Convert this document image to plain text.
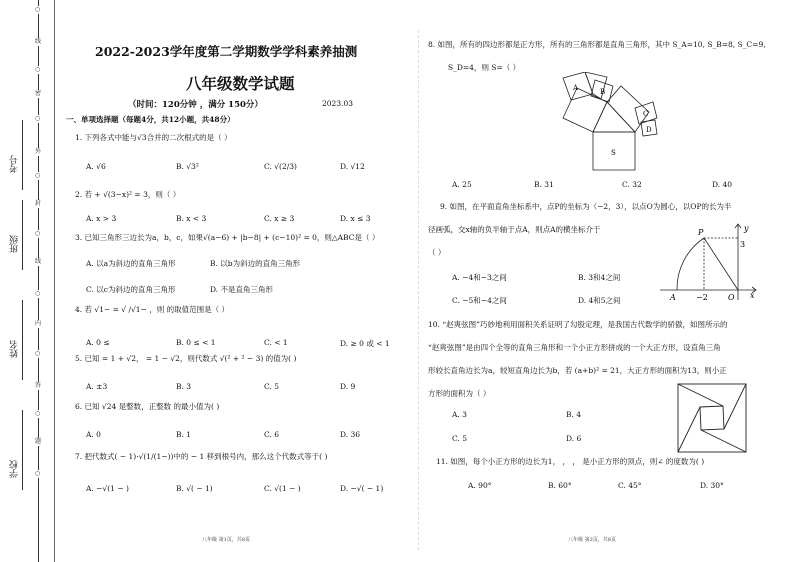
○
线
○
密
○
外
○
封
○
线
○
内
○
答
○
题
○
考号
班级
姓名
学校
2022-2023学年度第二学期数学学科素养抽测
八年级数学试题
（时间：120分钟 ，满分 150分）	2023.03
一、单项选择题（每题4分，共12小题，共48分）
1. 下列各式中能与√3合并的二次根式的是（ ）
A. √6	B. √3²	C. √(2/3)	D. √12
2. 若 + √(3−x)² = 3，则（ ）
A. x > 3	B. x < 3	C. x ≥ 3	D. x ≤ 3
3. 已知三角形三边长为a，b，c，如果√(a−6) + |b−8| + (c−10)² = 0，则△ABC是（ ）
A. 以a为斜边的直角三角形	B. 以b为斜边的直角三角形
C. 以c为斜边的直角三角形	D. 不是直角三角形
4. 若 √1− = √ /√1− ，则 的取值范围是（ ）
A. 0 ≤	B. 0 ≤ < 1	C. < 1	D. ≥ 0 或 < 1
5. 已知 = 1 + √2， = 1 − √2，则代数式 √(² + ² − 3) 的值为( )
A. ±3	B. 3	C. 5	D. 9
6. 已知 √24 是整数，正整数 的最小值为( )
A. 0	B. 1	C. 6	D. 36
7. 把代数式( − 1)·√(1/(1−))中的 − 1 移到根号内，那么这个代数式等于( )
A. −√(1 − )	B. √( − 1)	C. √(1 − )	D. −√( − 1)
8. 如图，所有的四边形都是正方形，所有的三角形都是直角三角形，其中 S_A=10, S_B=8, S_C=9,
S_D=4，则 S=（ ）
A	B
C
D
S
A. 25	B. 31	C. 32	D. 40
9. 如图，在平面直角坐标系中，点P的坐标为（−2，3），以点O为圆心，以OP的长为半
径画弧，交x轴的负半轴于点A，则点A的横坐标介于
（ ）
A. −4和−3之间	B. 3和4之间
C. −5和−4之间	D. 4和5之间
y
P
3
A	−2	O x
10. “赵爽弦图”巧妙地利用面积关系证明了勾股定理，是我国古代数学的骄傲，如图所示的
“赵爽弦图”是由四个全等的直角三角形和一个小正方形拼成的一个大正方形，设直角三角
形较长直角边长为a，较短直角边长为b，若 (a+b)² = 21，大正方形的面积为13，则小正
方形的面积为（ ）
A. 3	B. 4
C. 5	D. 6
11. 如图，每个小正方形的边长为1， ， ， 是小正方形的顶点，则∠ 的度数为( )
A. 90°	B. 60°	C. 45°	D. 30°
八年级 第1页，共8页	八年级 第2页，共8页
